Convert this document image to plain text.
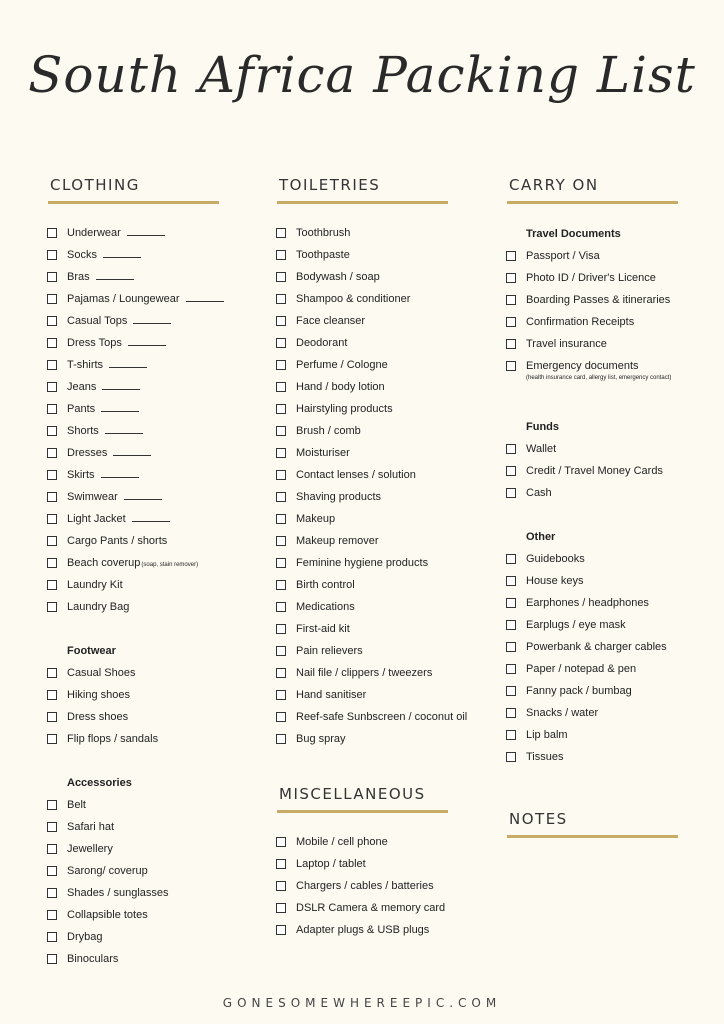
South Africa Packing List
CLOTHING
Underwear
Socks
Bras
Pajamas / Loungewear
Casual Tops
Dress Tops
T-shirts
Jeans
Pants
Shorts
Dresses
Skirts
Swimwear
Light Jacket
Cargo Pants / shorts
Beach coverup(soap, stain remover)
Laundry Kit
Laundry Bag
Footwear
Casual Shoes
Hiking shoes
Dress shoes
Flip flops / sandals
Accessories
Belt
Safari hat
Jewellery
Sarong/ coverup
Shades / sunglasses
Collapsible totes
Drybag
Binoculars
TOILETRIES
Toothbrush
Toothpaste
Bodywash / soap
Shampoo & conditioner
Face cleanser
Deodorant
Perfume / Cologne
Hand / body lotion
Hairstyling products
Brush / comb
Moisturiser
Contact lenses / solution
Shaving products
Makeup
Makeup remover
Feminine hygiene products
Birth control
Medications
First-aid kit
Pain relievers
Nail file / clippers / tweezers
Hand sanitiser
Reef-safe Sunbscreen / coconut oil
Bug spray
MISCELLANEOUS
Mobile / cell phone
Laptop / tablet
Chargers / cables / batteries
DSLR Camera & memory card
Adapter plugs & USB plugs
CARRY ON
Travel Documents
Passport / Visa
Photo ID / Driver's Licence
Boarding Passes & itineraries
Confirmation Receipts
Travel insurance
Emergency documents
(health insurance card, allergy list, emergency contact)
Funds
Wallet
Credit / Travel Money Cards
Cash
Other
Guidebooks
House keys
Earphones / headphones
Earplugs / eye mask
Powerbank & charger cables
Paper / notepad & pen
Fanny pack / bumbag
Snacks / water
Lip balm
Tissues
NOTES
GONESOMEWHEREEPIC.COM
